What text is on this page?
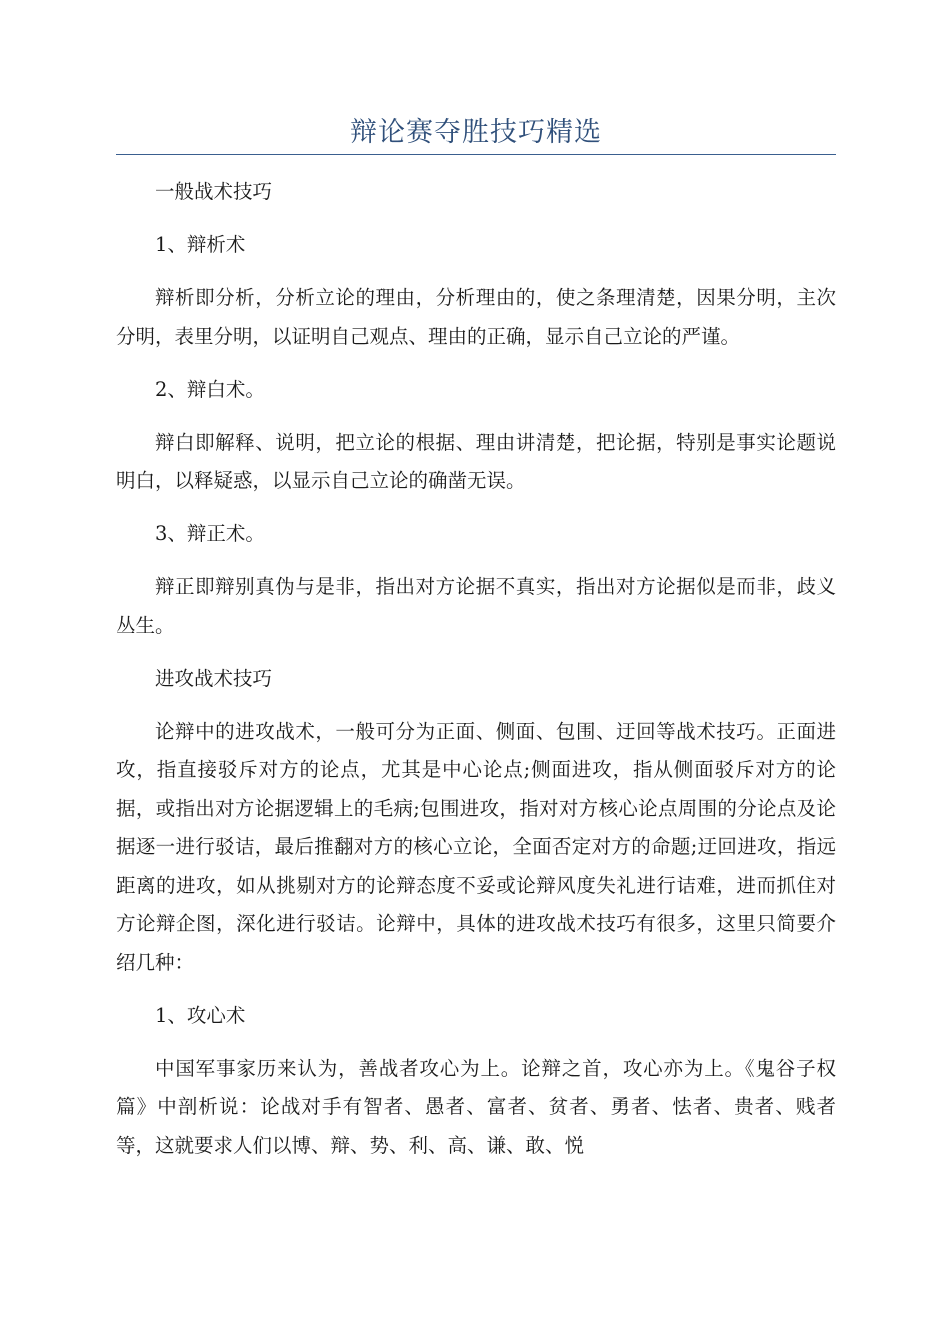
辩论赛夺胜技巧精选

一般战术技巧

1、辩析术

辩析即分析，分析立论的理由，分析理由的，使之条理清楚，因果分明，主次分明，表里分明，以证明自己观点、理由的正确，显示自己立论的严谨。

2、辩白术。

辩白即解释、说明，把立论的根据、理由讲清楚，把论据，特别是事实论题说明白，以释疑惑，以显示自己立论的确凿无误。

3、辩正术。

辩正即辩别真伪与是非，指出对方论据不真实，指出对方论据似是而非，歧义丛生。

进攻战术技巧

论辩中的进攻战术，一般可分为正面、侧面、包围、迂回等战术技巧。正面进攻，指直接驳斥对方的论点，尤其是中心论点;侧面进攻，指从侧面驳斥对方的论据，或指出对方论据逻辑上的毛病;包围进攻，指对对方核心论点周围的分论点及论据逐一进行驳诘，最后推翻对方的核心立论，全面否定对方的命题;迂回进攻，指远距离的进攻，如从挑剔对方的论辩态度不妥或论辩风度失礼进行诘难，进而抓住对方论辩企图，深化进行驳诘。论辩中，具体的进攻战术技巧有很多，这里只简要介绍几种：

1、攻心术

中国军事家历来认为，善战者攻心为上。论辩之首，攻心亦为上。《鬼谷子权篇》中剖析说：论战对手有智者、愚者、富者、贫者、勇者、怯者、贵者、贱者等，这就要求人们以博、辩、势、利、高、谦、敢、悦
